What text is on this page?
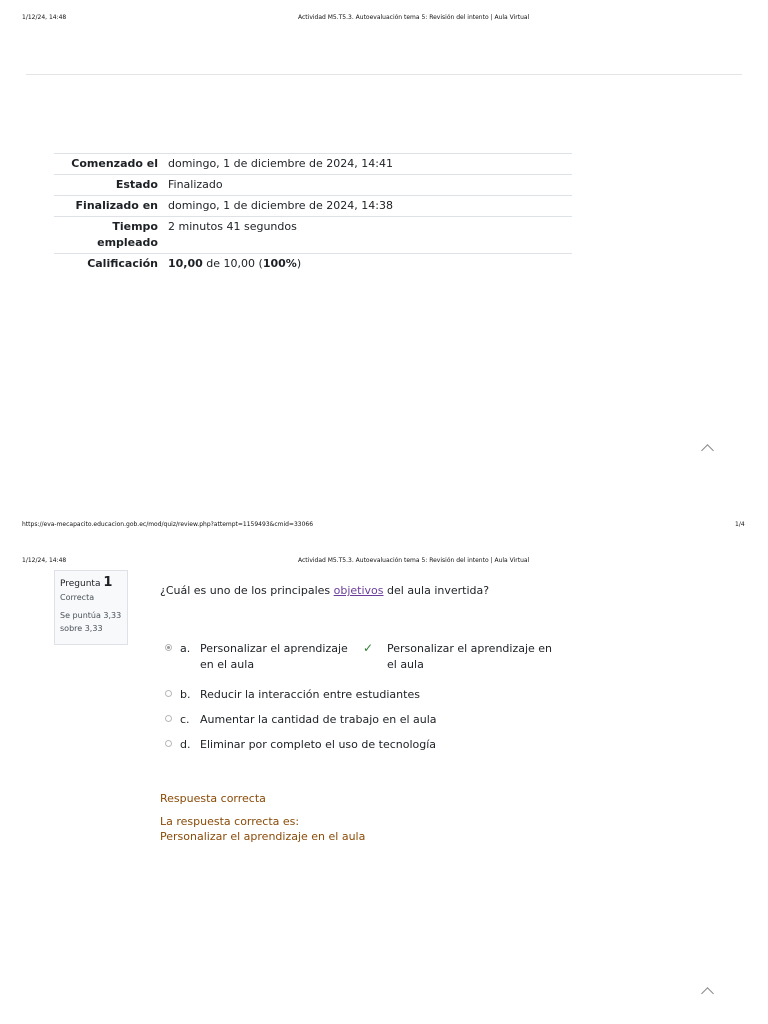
1/12/24, 14:48	Actividad M5.T5.3. Autoevaluación tema 5: Revisión del intento | Aula Virtual
Comenzado el	domingo, 1 de diciembre de 2024, 14:41
Estado	Finalizado
Finalizado en	domingo, 1 de diciembre de 2024, 14:38
Tiempo empleado	2 minutos 41 segundos
Calificación	10,00 de 10,00 (100%)
https://eva-mecapacito.educacion.gob.ec/mod/quiz/review.php?attempt=1159493&cmid=33066	1/4
1/12/24, 14:48	Actividad M5.T5.3. Autoevaluación tema 5: Revisión del intento | Aula Virtual
Pregunta 1
Correcta
Se puntúa 3,33
sobre 3,33
¿Cuál es uno de los principales objetivos del aula invertida?
a. Personalizar el aprendizaje en el aula
✓ Personalizar el aprendizaje en el aula
b. Reducir la interacción entre estudiantes
c. Aumentar la cantidad de trabajo en el aula
d. Eliminar por completo el uso de tecnología
Respuesta correcta
La respuesta correcta es:
Personalizar el aprendizaje en el aula
